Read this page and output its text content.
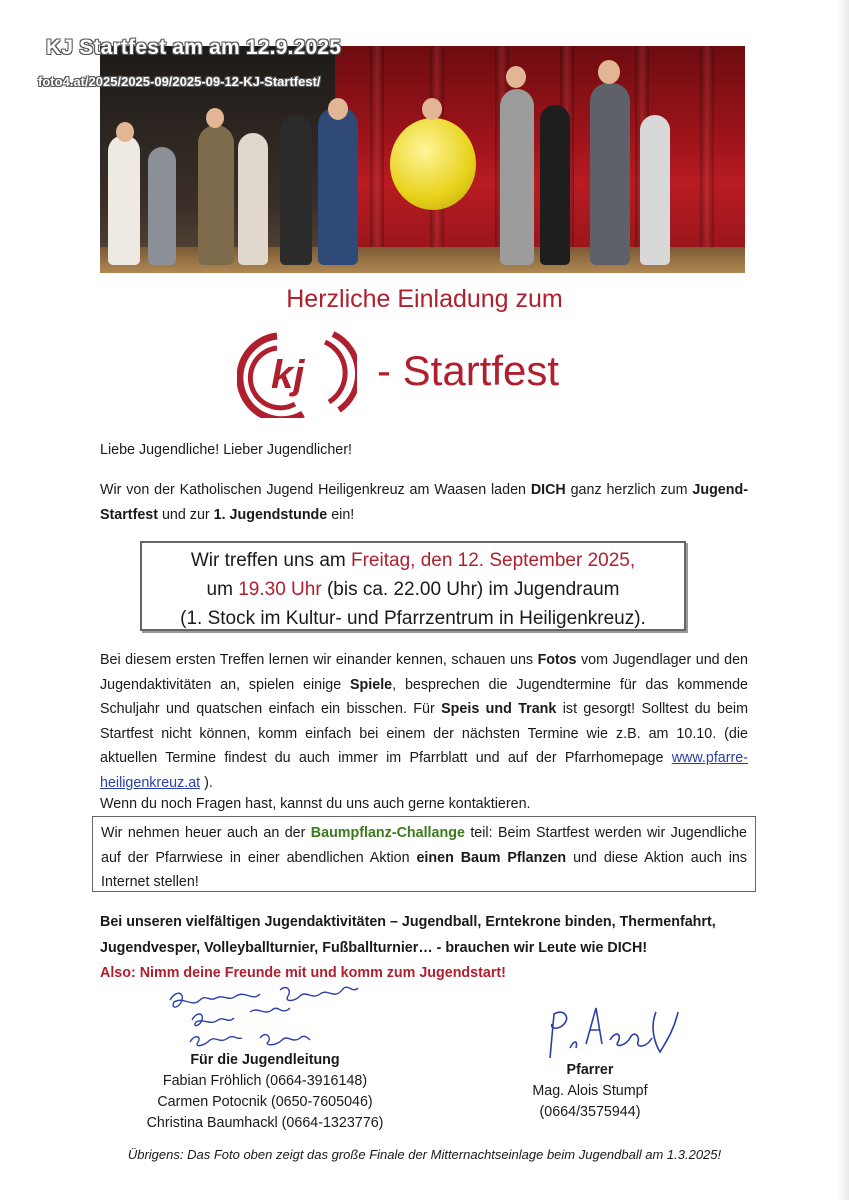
KJ Startfest am am 12.9.2025
foto4.at/2025/2025-09/2025-09-12-KJ-Startfest/
Herzliche Einladung zum
kj - Startfest
Liebe Jugendliche! Lieber Jugendlicher!
Wir von der Katholischen Jugend Heiligenkreuz am Waasen laden DICH ganz herzlich zum Jugend-Startfest und zur 1. Jugendstunde ein!
Wir treffen uns am Freitag, den 12. September 2025,
um 19.30 Uhr (bis ca. 22.00 Uhr) im Jugendraum
(1. Stock im Kultur- und Pfarrzentrum in Heiligenkreuz).
Bei diesem ersten Treffen lernen wir einander kennen, schauen uns Fotos vom Jugendlager und den Jugendaktivitäten an, spielen einige Spiele, besprechen die Jugendtermine für das kommende Schuljahr und quatschen einfach ein bisschen. Für Speis und Trank ist gesorgt! Solltest du beim Startfest nicht können, komm einfach bei einem der nächsten Termine wie z.B. am 10.10. (die aktuellen Termine findest du auch immer im Pfarrblatt und auf der Pfarrhomepage www.pfarre-heiligenkreuz.at ).
Wenn du noch Fragen hast, kannst du uns auch gerne kontaktieren.
Wir nehmen heuer auch an der Baumpflanz-Challange teil: Beim Startfest werden wir Jugendliche auf der Pfarrwiese in einer abendlichen Aktion einen Baum Pflanzen und diese Aktion auch ins Internet stellen!
Bei unseren vielfältigen Jugendaktivitäten – Jugendball, Erntekrone binden, Thermenfahrt, Jugendvesper, Volleyballturnier, Fußballturnier… - brauchen wir Leute wie DICH!
Also: Nimm deine Freunde mit und komm zum Jugendstart!
Für die Jugendleitung
Fabian Fröhlich (0664-3916148)
Carmen Potocnik (0650-7605046)
Christina Baumhackl (0664-1323776)
Pfarrer
Mag. Alois Stumpf
(0664/3575944)
Übrigens: Das Foto oben zeigt das große Finale der Mitternachtseinlage beim Jugendball am 1.3.2025!
